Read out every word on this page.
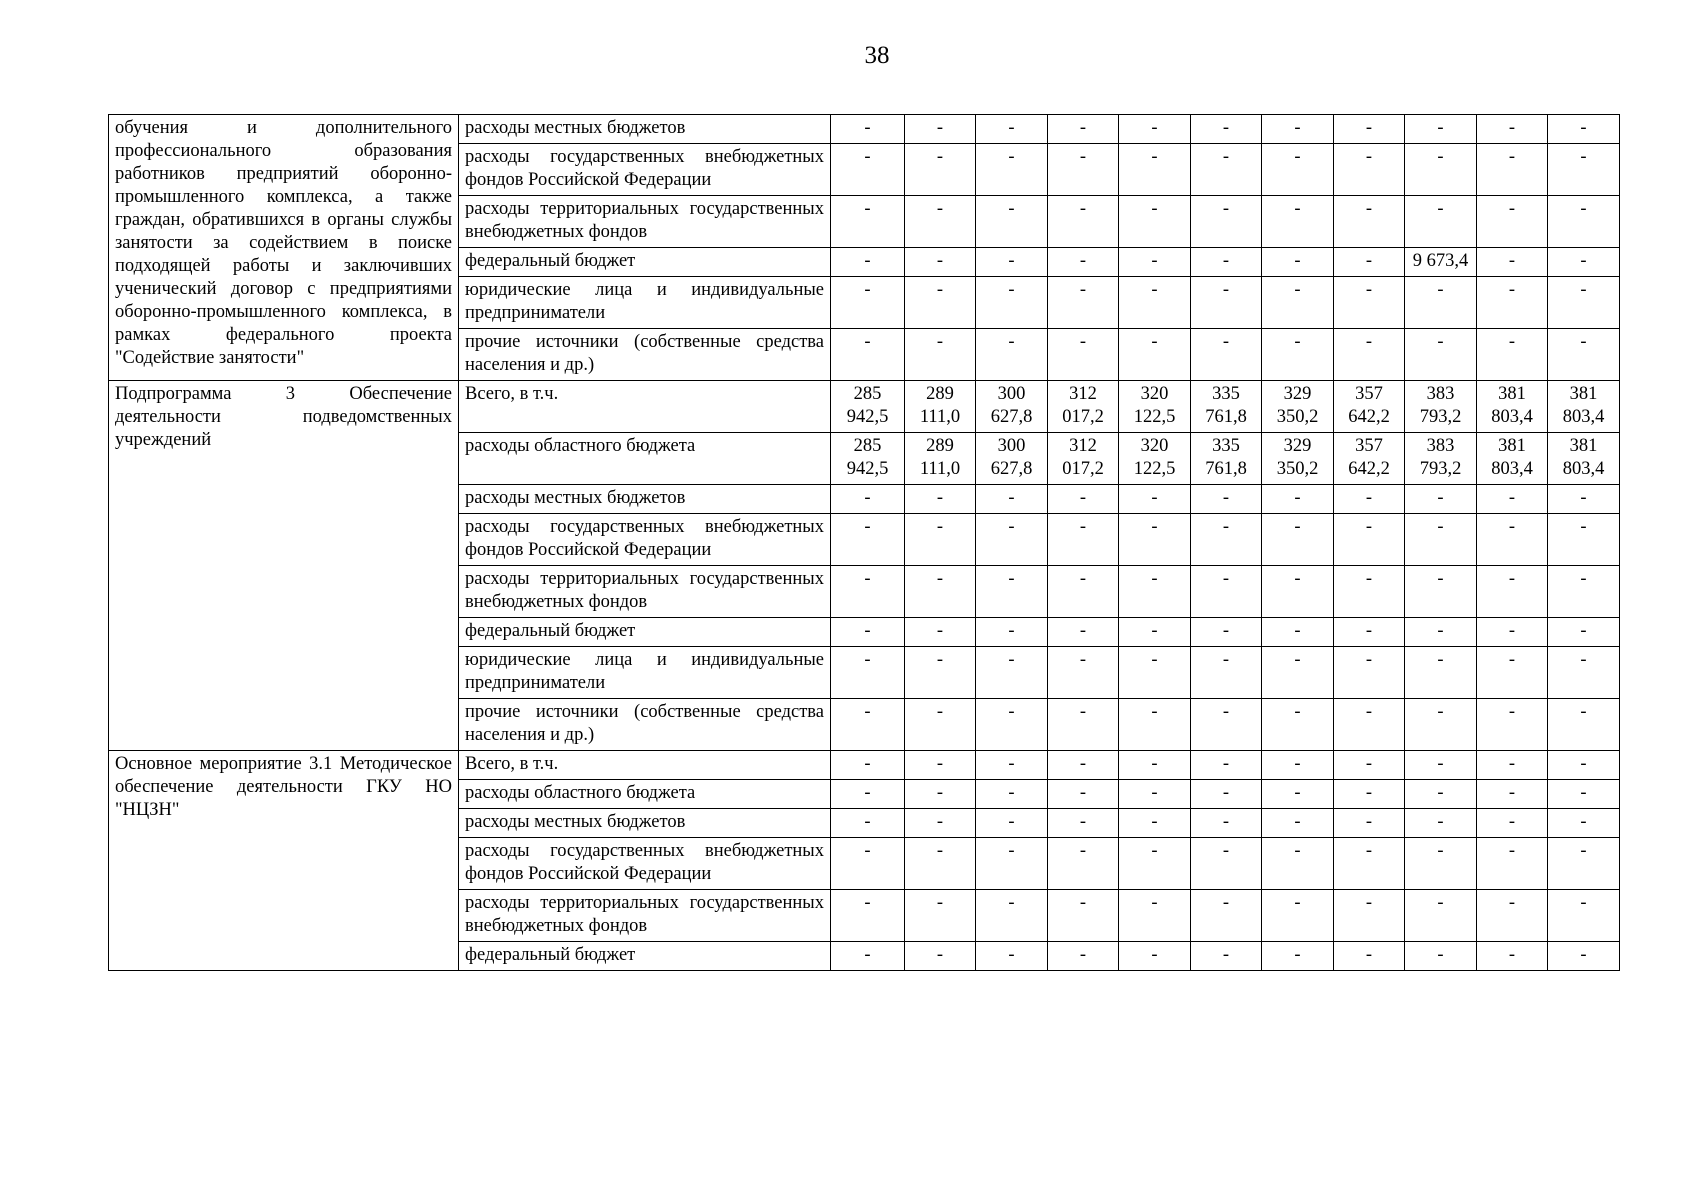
38
обучения и дополнительного профессионального образования работников предприятий оборонно-промышленного комплекса, а также граждан, обратившихся в органы службы занятости за содействием в поиске подходящей работы и заключивших ученический договор с предприятиями оборонно-промышленного комплекса, в рамках федерального проекта "Содействие занятости"	расходы местных бюджетов	-	-	-	-	-	-	-	-	-	-	-
	расходы государственных внебюджетных фондов Российской Федерации	-	-	-	-	-	-	-	-	-	-	-
	расходы территориальных государственных внебюджетных фондов	-	-	-	-	-	-	-	-	-	-	-
	федеральный бюджет	-	-	-	-	-	-	-	-	9 673,4	-	-
	юридические лица и индивидуальные предприниматели	-	-	-	-	-	-	-	-	-	-	-
	прочие источники (собственные средства населения и др.)	-	-	-	-	-	-	-	-	-	-	-
Подпрограмма 3 Обеспечение деятельности подведомственных учреждений	Всего, в т.ч.	285 942,5	289 111,0	300 627,8	312 017,2	320 122,5	335 761,8	329 350,2	357 642,2	383 793,2	381 803,4	381 803,4
	расходы областного бюджета	285 942,5	289 111,0	300 627,8	312 017,2	320 122,5	335 761,8	329 350,2	357 642,2	383 793,2	381 803,4	381 803,4
	расходы местных бюджетов	-	-	-	-	-	-	-	-	-	-	-
	расходы государственных внебюджетных фондов Российской Федерации	-	-	-	-	-	-	-	-	-	-	-
	расходы территориальных государственных внебюджетных фондов	-	-	-	-	-	-	-	-	-	-	-
	федеральный бюджет	-	-	-	-	-	-	-	-	-	-	-
	юридические лица и индивидуальные предприниматели	-	-	-	-	-	-	-	-	-	-	-
	прочие источники (собственные средства населения и др.)	-	-	-	-	-	-	-	-	-	-	-
Основное мероприятие 3.1 Методическое обеспечение деятельности ГКУ НО "НЦЗН"	Всего, в т.ч.	-	-	-	-	-	-	-	-	-	-	-
	расходы областного бюджета	-	-	-	-	-	-	-	-	-	-	-
	расходы местных бюджетов	-	-	-	-	-	-	-	-	-	-	-
	расходы государственных внебюджетных фондов Российской Федерации	-	-	-	-	-	-	-	-	-	-	-
	расходы территориальных государственных внебюджетных фондов	-	-	-	-	-	-	-	-	-	-	-
	федеральный бюджет	-	-	-	-	-	-	-	-	-	-	-
